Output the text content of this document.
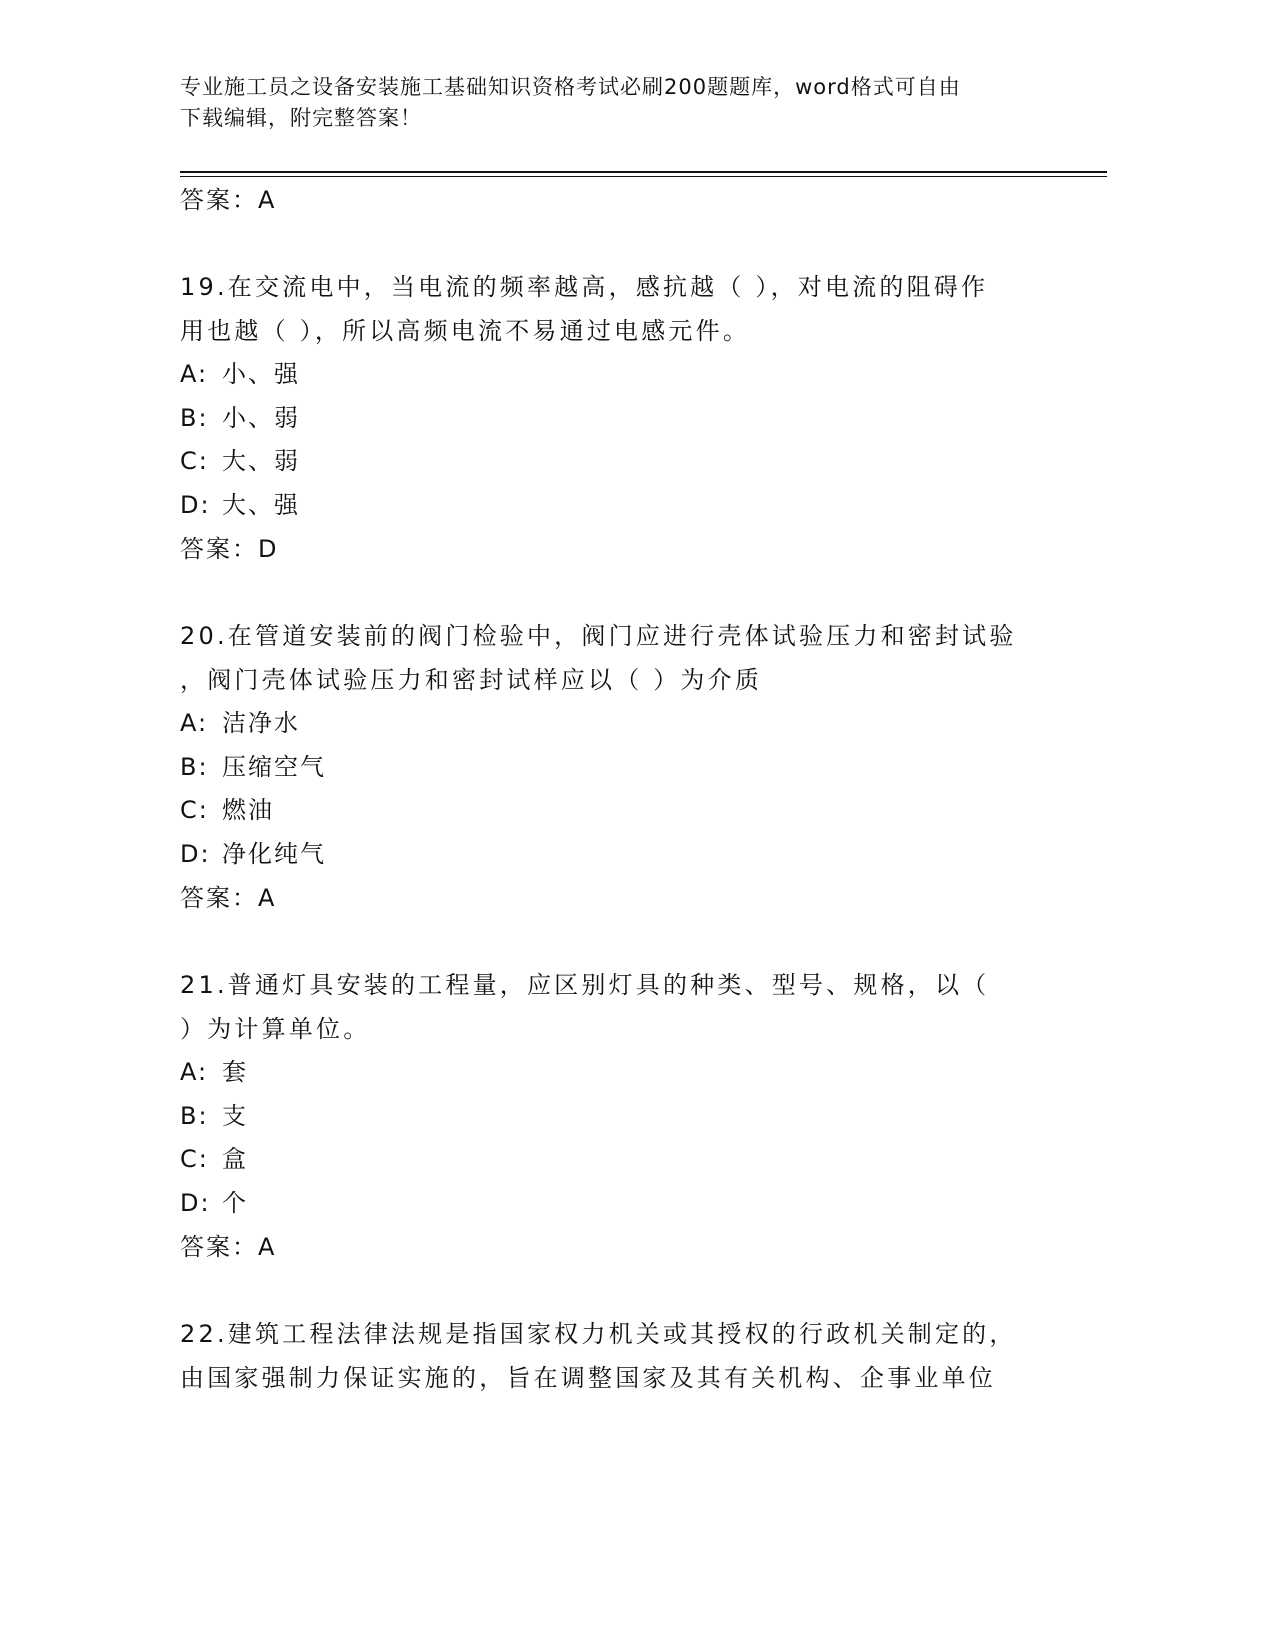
专业施工员之设备安装施工基础知识资格考试必刷200题题库，word格式可自由
下载编辑，附完整答案！
答案：A
19.在交流电中，当电流的频率越高，感抗越（ ），对电流的阻碍作
用也越（ ），所以高频电流不易通过电感元件。
A: 小、强
B: 小、弱
C: 大、弱
D: 大、强
答案：D
20.在管道安装前的阀门检验中，阀门应进行壳体试验压力和密封试验
，阀门壳体试验压力和密封试样应以（ ）为介质
A: 洁净水
B: 压缩空气
C: 燃油
D: 净化纯气
答案：A
21.普通灯具安装的工程量，应区别灯具的种类、型号、规格，以（
）为计算单位。
A: 套
B: 支
C: 盒
D: 个
答案：A
22.建筑工程法律法规是指国家权力机关或其授权的行政机关制定的，
由国家强制力保证实施的，旨在调整国家及其有关机构、企事业单位
